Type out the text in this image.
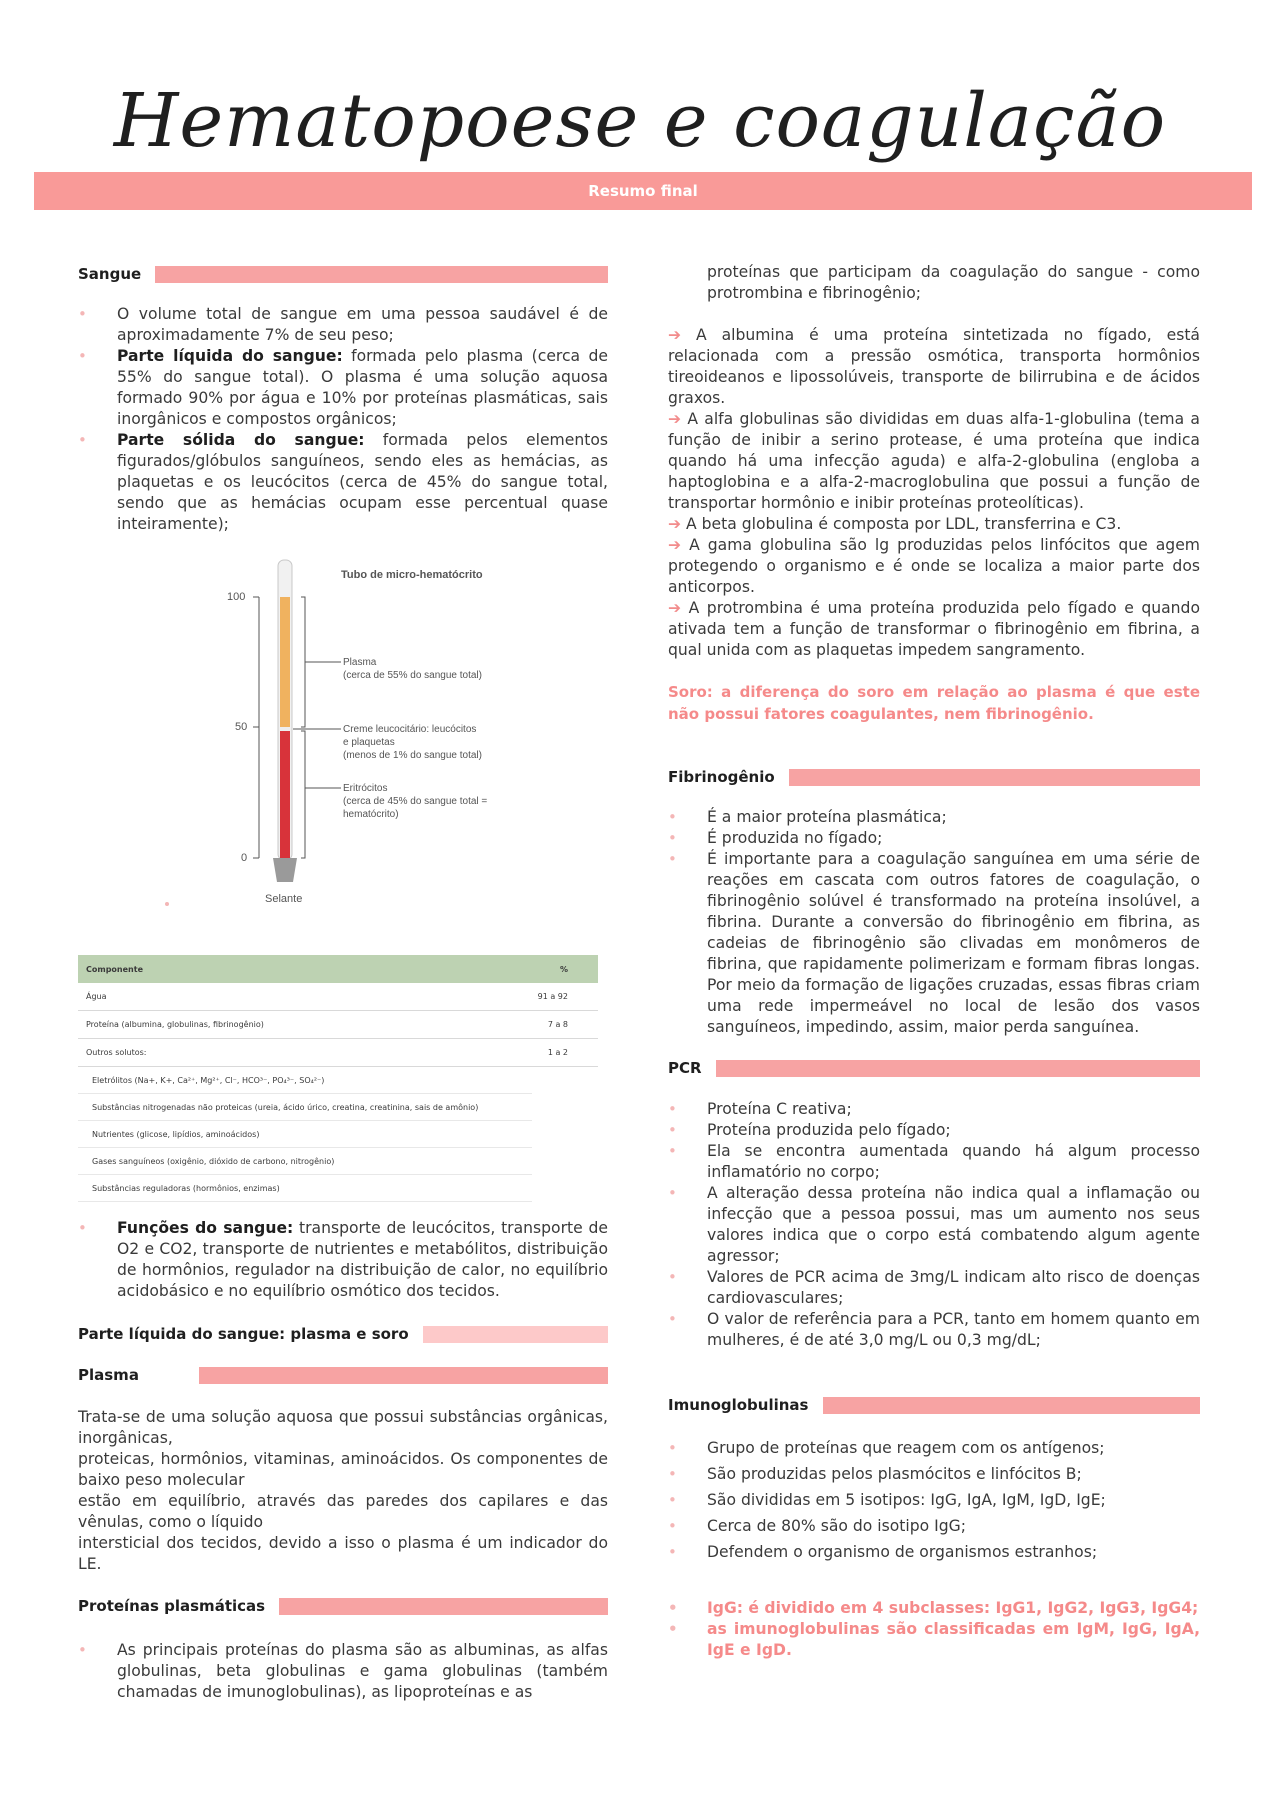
Hematopoese e coagulação
Resumo final
Sangue
• O volume total de sangue em uma pessoa saudável é de aproximadamente 7% de seu peso;
• Parte líquida do sangue: formada pelo plasma (cerca de 55% do sangue total). O plasma é uma solução aquosa formado 90% por água e 10% por proteínas plasmáticas, sais inorgânicos e compostos orgânicos;
• Parte sólida do sangue: formada pelos elementos figurados/glóbulos sanguíneos, sendo eles as hemácias, as plaquetas e os leucócitos (cerca de 45% do sangue total, sendo que as hemácias ocupam esse percentual quase inteiramente);
Tubo de micro-hematócrito
100
50
0
Selante
Plasma
(cerca de 55% do sangue total)
Creme leucocitário: leucócitos
e plaquetas
(menos de 1% do sangue total)
Eritrócitos
(cerca de 45% do sangue total =
hematócrito)
Componente	%
Água	91 a 92
Proteína (albumina, globulinas, fibrinogênio)	7 a 8
Outros solutos:	1 a 2
Eletrólitos (Na+, K+, Ca²⁺, Mg²⁺, Cl⁻, HCO³⁻, PO₄³⁻, SO₄²⁻)
Substâncias nitrogenadas não proteicas (ureia, ácido úrico, creatina, creatinina, sais de amônio)
Nutrientes (glicose, lipídios, aminoácidos)
Gases sanguíneos (oxigênio, dióxido de carbono, nitrogênio)
Substâncias reguladoras (hormônios, enzimas)
• Funções do sangue: transporte de leucócitos, transporte de O2 e CO2, transporte de nutrientes e metabólitos, distribuição de hormônios, regulador na distribuição de calor, no equilíbrio acidobásico e no equilíbrio osmótico dos tecidos.
Parte líquida do sangue: plasma e soro
Plasma

Trata-se de uma solução aquosa que possui substâncias orgânicas, inorgânicas,

proteicas, hormônios, vitaminas, aminoácidos. Os componentes de baixo peso molecular

estão em equilíbrio, através das paredes dos capilares e das vênulas, como o líquido

intersticial dos tecidos, devido a isso o plasma é um indicador do LE.

Proteínas plasmáticas
• As principais proteínas do plasma são as albuminas, as alfas globulinas, beta globulinas e gama globulinas (também chamadas de imunoglobulinas), as lipoproteínas e as

proteínas que participam da coagulação do sangue - como protrombina e fibrinogênio;

➔ A albumina é uma proteína sintetizada no fígado, está relacionada com a pressão osmótica, transporta hormônios tireoideanos e lipossolúveis, transporte de bilirrubina e de ácidos graxos.

➔ A alfa globulinas são divididas em duas alfa-1-globulina (tema a função de inibir a serino protease, é uma proteína que indica quando há uma infecção aguda) e alfa-2-globulina (engloba a haptoglobina e a alfa-2-macroglobulina que possui a função de transportar hormônio e inibir proteínas proteolíticas).

➔ A beta globulina é composta por LDL, transferrina e C3.

➔ A gama globulina são lg produzidas pelos linfócitos que agem protegendo o organismo e é onde se localiza a maior parte dos anticorpos.

➔ A protrombina é uma proteína produzida pelo fígado e quando ativada tem a função de transformar o fibrinogênio em fibrina, a qual unida com as plaquetas impedem sangramento.

Soro: a diferença do soro em relação ao plasma é que este não possui fatores coagulantes, nem fibrinogênio.

Fibrinogênio
• É a maior proteína plasmática;
• É produzida no fígado;
• É importante para a coagulação sanguínea em uma série de reações em cascata com outros fatores de coagulação, o fibrinogênio solúvel é transformado na proteína insolúvel, a fibrina. Durante a conversão do fibrinogênio em fibrina, as cadeias de fibrinogênio são clivadas em monômeros de fibrina, que rapidamente polimerizam e formam fibras longas. Por meio da formação de ligações cruzadas, essas fibras criam uma rede impermeável no local de lesão dos vasos sanguíneos, impedindo, assim, maior perda sanguínea.
PCR
• Proteína C reativa;
• Proteína produzida pelo fígado;
• Ela se encontra aumentada quando há algum processo inflamatório no corpo;
• A alteração dessa proteína não indica qual a inflamação ou infecção que a pessoa possui, mas um aumento nos seus valores indica que o corpo está combatendo algum agente agressor;
• Valores de PCR acima de 3mg/L indicam alto risco de doenças cardiovasculares;
• O valor de referência para a PCR, tanto em homem quanto em mulheres, é de até 3,0 mg/L ou 0,3 mg/dL;
Imunoglobulinas
• Grupo de proteínas que reagem com os antígenos;
• São produzidas pelos plasmócitos e linfócitos B;
• São divididas em 5 isotipos: IgG, IgA, IgM, IgD, IgE;
• Cerca de 80% são do isotipo IgG;
• Defendem o organismo de organismos estranhos;
• IgG: é dividido em 4 subclasses: IgG1, IgG2, IgG3, IgG4;
• as imunoglobulinas são classificadas em IgM, IgG, IgA, IgE e IgD.
